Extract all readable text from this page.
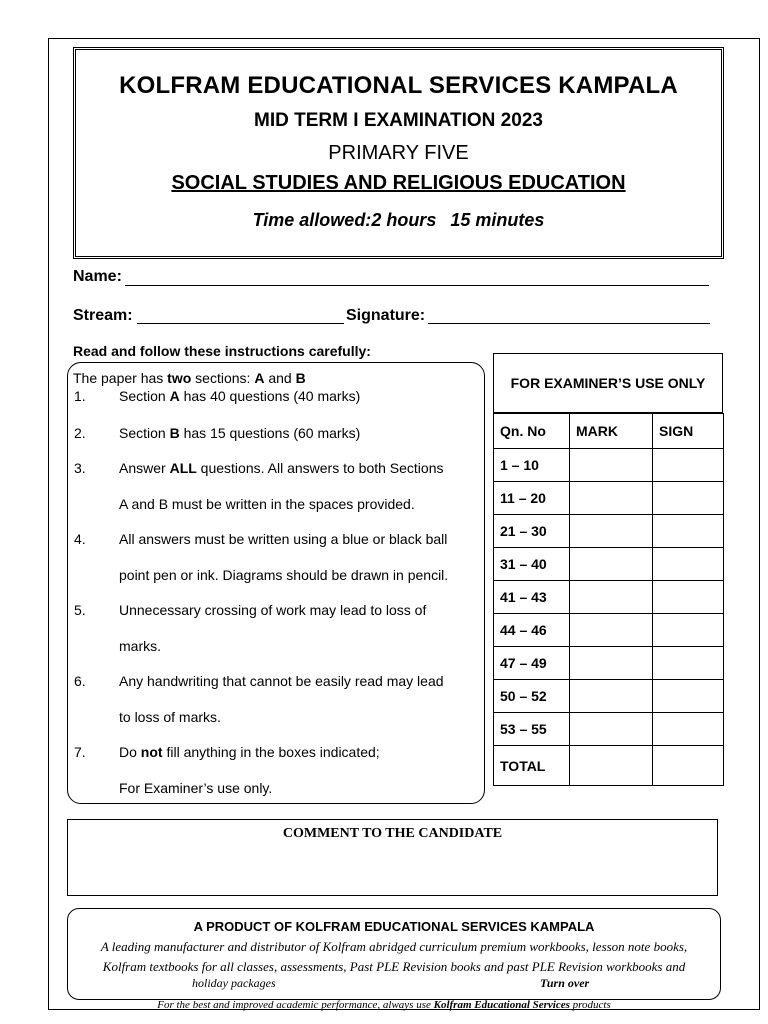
KOLFRAM EDUCATIONAL SERVICES KAMPALA
MID TERM I EXAMINATION 2023
PRIMARY FIVE
SOCIAL STUDIES AND RELIGIOUS EDUCATION
Time allowed:2 hours 15 minutes
Name:
Stream:	Signature:
Read and follow these instructions carefully:
The paper has two sections: A and B
1. Section A has 40 questions (40 marks)
2. Section B has 15 questions (60 marks)
3. Answer ALL questions. All answers to both Sections
A and B must be written in the spaces provided.
4. All answers must be written using a blue or black ball
point pen or ink. Diagrams should be drawn in pencil.
5. Unnecessary crossing of work may lead to loss of
marks.
6. Any handwriting that cannot be easily read may lead
to loss of marks.
7. Do not fill anything in the boxes indicated;
For Examiner’s use only.
FOR EXAMINER’S USE ONLY
Qn. No	MARK	SIGN
1 – 10		
11 – 20		
21 – 30		
31 – 40		
41 – 43		
44 – 46		
47 – 49		
50 – 52		
53 – 55		
TOTAL		
COMMENT TO THE CANDIDATE
A PRODUCT OF KOLFRAM EDUCATIONAL SERVICES KAMPALA
A leading manufacturer and distributor of Kolfram abridged curriculum premium workbooks, lesson note books,
Kolfram textbooks for all classes, assessments, Past PLE Revision books and past PLE Revision workbooks and
holiday packages	Turn over
For the best and improved academic performance, always use Kolfram Educational Services products
